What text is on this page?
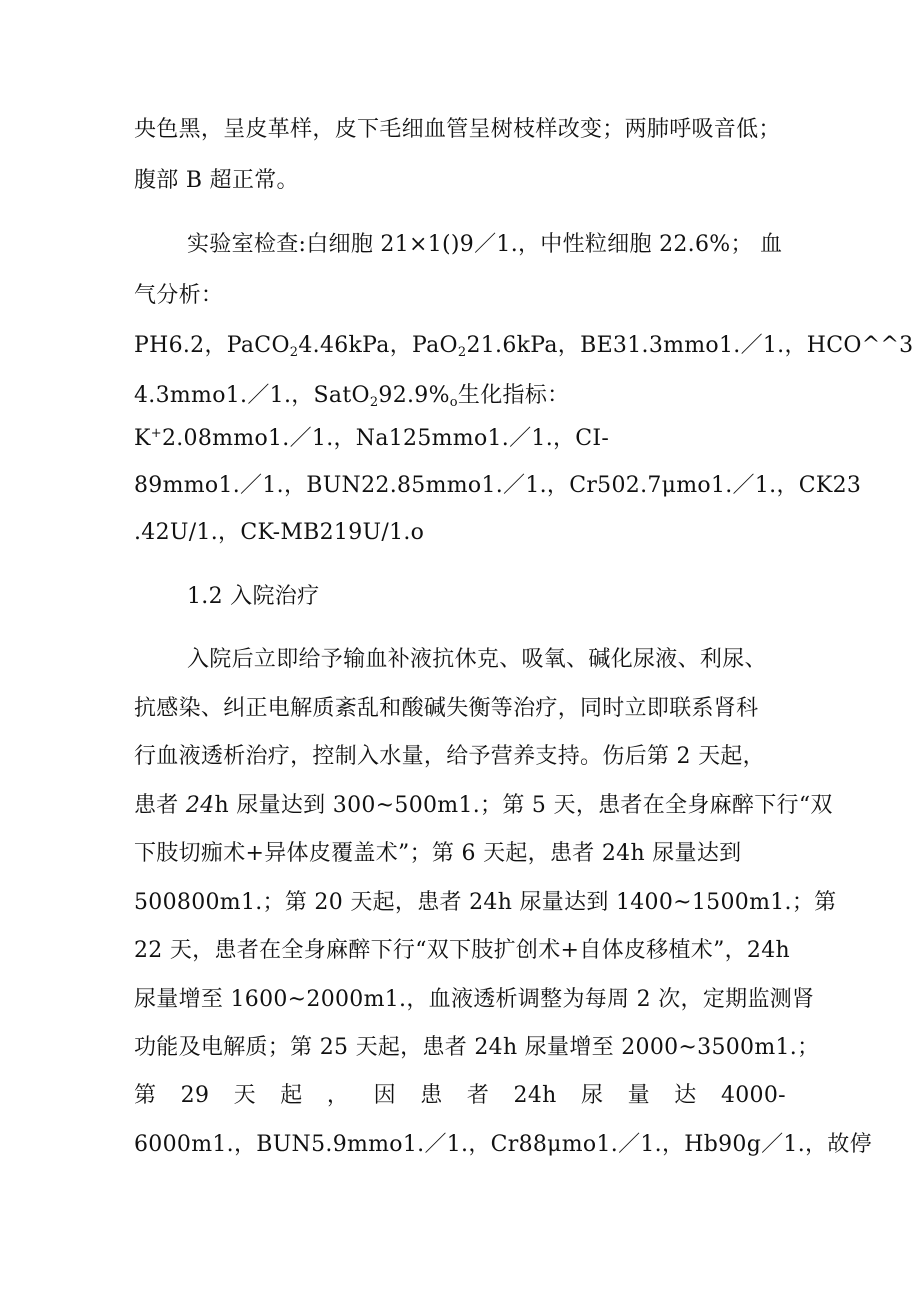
央色黑，呈皮革样，皮下毛细血管呈树枝样改变；两肺呼吸音低；
腹部 B 超正常。
实验室检查:白细胞 21×1()9／1.，中性粒细胞 22.6%； 血
气分析：
PH6.2，PaCO$_2$4.46kPa，PaO$_2$21.6kPa，BE31.3mmo1.／1.，HCO^^3
4.3mmo1.／1.，$SatO_292.9\%_o$生化指标：
K+2.08mmo1.／1.，Na125mmo1.／1.，CI-
89mmo1.／1.，BUN22.85mmo1.／1.，Cr502.7μmo1.／1.，CK23
.42U/1.，CK-MB219U/1.o
1.2 入院治疗
入院后立即给予输血补液抗休克、吸氧、碱化尿液、利尿、
抗感染、纠正电解质紊乱和酸碱失衡等治疗，同时立即联系肾科
行血液透析治疗，控制入水量，给予营养支持。伤后第 2 天起，
患者 24h 尿量达到 300~500m1.；第 5 天，患者在全身麻醉下行“双
下肢切痂术+异体皮覆盖术”；第 6 天起，患者 24h 尿量达到
500800m1.；第 20 天起，患者 24h 尿量达到 1400~1500m1.；第
22 天，患者在全身麻醉下行“双下肢扩创术+自体皮移植术”，24h
尿量增至 1600~2000m1.，血液透析调整为每周 2 次，定期监测肾
功能及电解质；第 25 天起，患者 24h 尿量增至 2000~3500m1.；
第 29 天 起 ， 因 患 者 24h 尿 量 达 4000-
6000m1.，BUN5.9mmo1.／1.，Cr88μmo1.／1.，Hb90g／1.，故停
